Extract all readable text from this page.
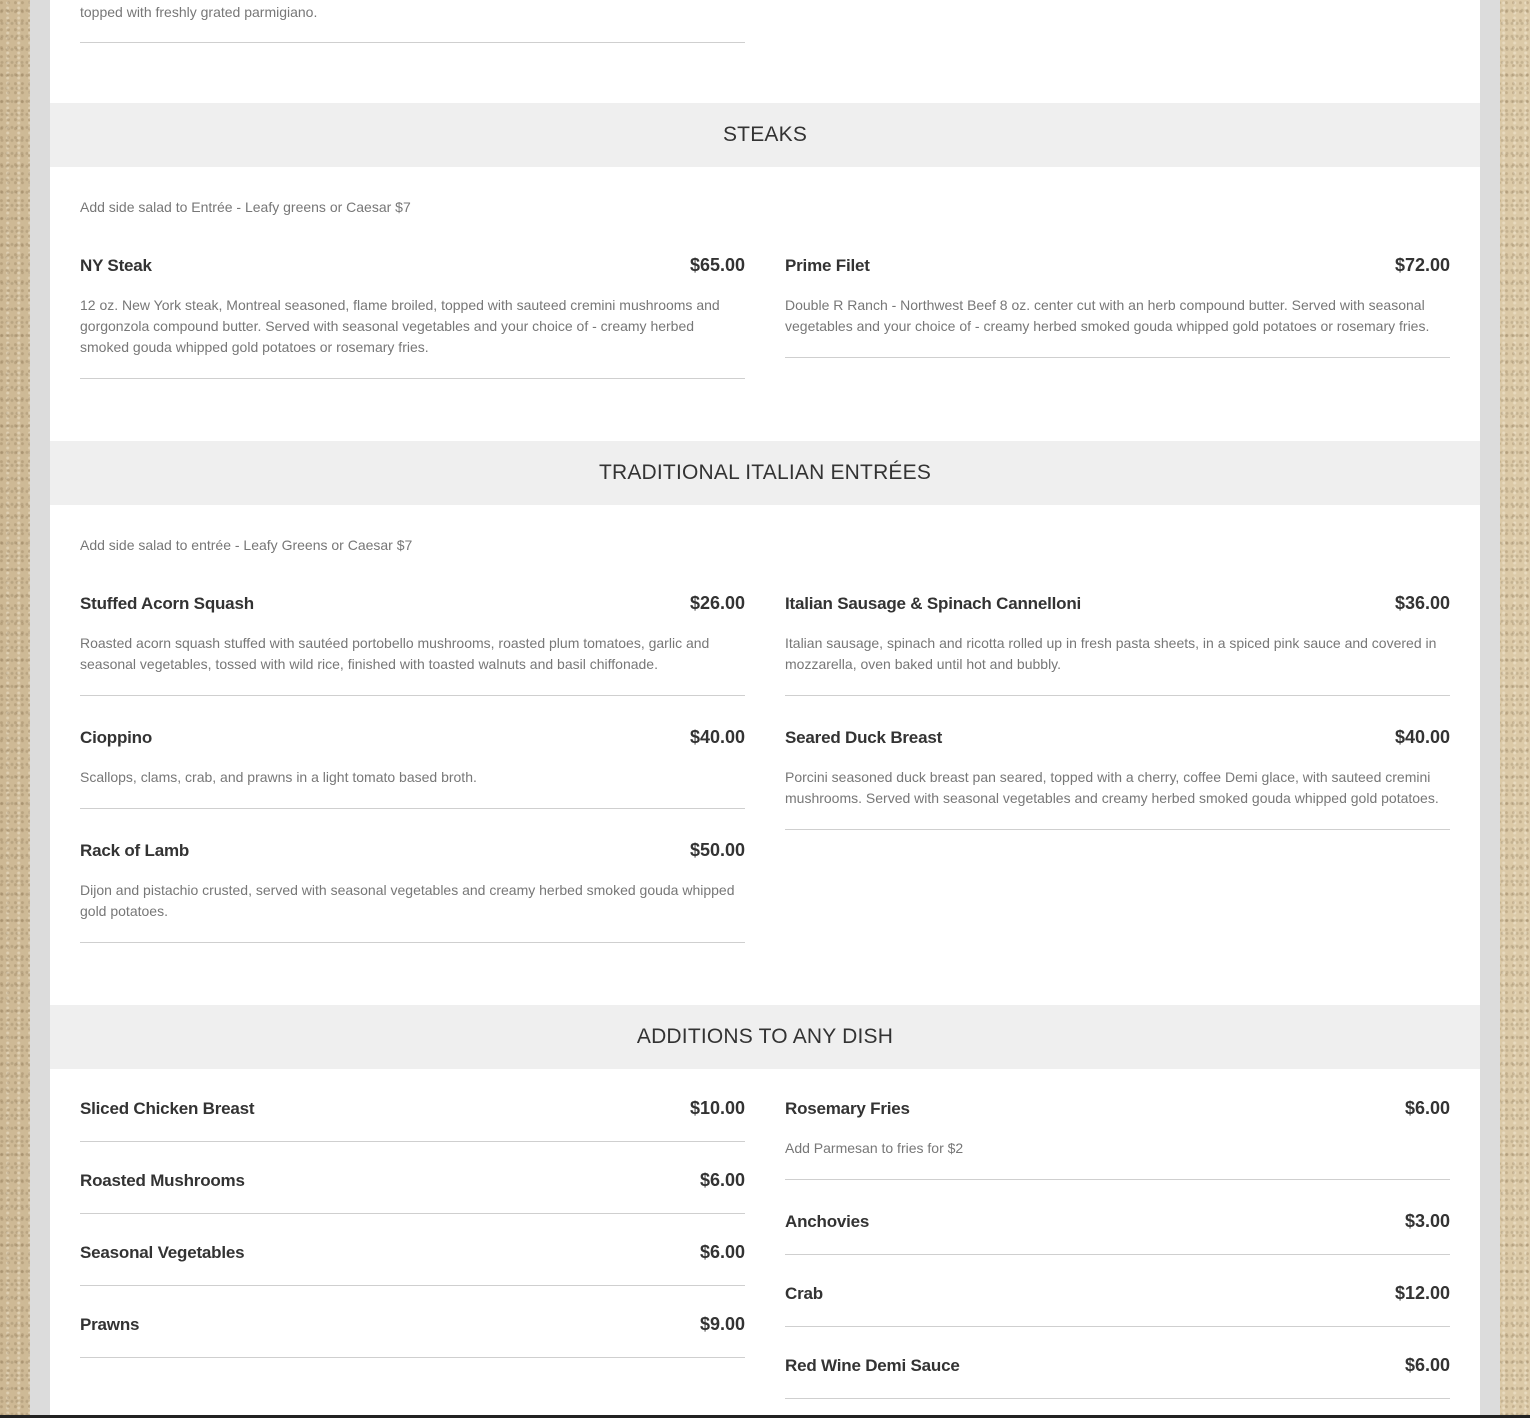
topped with freshly grated parmigiano.
STEAKS
Add side salad to Entrée - Leafy greens or Caesar $7
NY Steak	$65.00
12 oz. New York steak, Montreal seasoned, flame broiled, topped with sauteed cremini mushrooms and gorgonzola compound butter. Served with seasonal vegetables and your choice of - creamy herbed smoked gouda whipped gold potatoes or rosemary fries.
Prime Filet	$72.00
Double R Ranch - Northwest Beef 8 oz. center cut with an herb compound butter. Served with seasonal vegetables and your choice of - creamy herbed smoked gouda whipped gold potatoes or rosemary fries.
TRADITIONAL ITALIAN ENTRÉES
Add side salad to entrée - Leafy Greens or Caesar $7
Stuffed Acorn Squash	$26.00
Roasted acorn squash stuffed with sautéed portobello mushrooms, roasted plum tomatoes, garlic and seasonal vegetables, tossed with wild rice, finished with toasted walnuts and basil chiffonade.
Italian Sausage & Spinach Cannelloni	$36.00
Italian sausage, spinach and ricotta rolled up in fresh pasta sheets, in a spiced pink sauce and covered in mozzarella, oven baked until hot and bubbly.
Cioppino	$40.00
Scallops, clams, crab, and prawns in a light tomato based broth.
Seared Duck Breast	$40.00
Porcini seasoned duck breast pan seared, topped with a cherry, coffee Demi glace, with sauteed cremini mushrooms. Served with seasonal vegetables and creamy herbed smoked gouda whipped gold potatoes.
Rack of Lamb	$50.00
Dijon and pistachio crusted, served with seasonal vegetables and creamy herbed smoked gouda whipped gold potatoes.
ADDITIONS TO ANY DISH
Sliced Chicken Breast	$10.00 Rosemary Fries	$6.00
Add Parmesan to fries for $2
Roasted Mushrooms	$6.00
Anchovies	$3.00
Seasonal Vegetables	$6.00
Crab	$12.00
Prawns	$9.00
Red Wine Demi Sauce	$6.00
